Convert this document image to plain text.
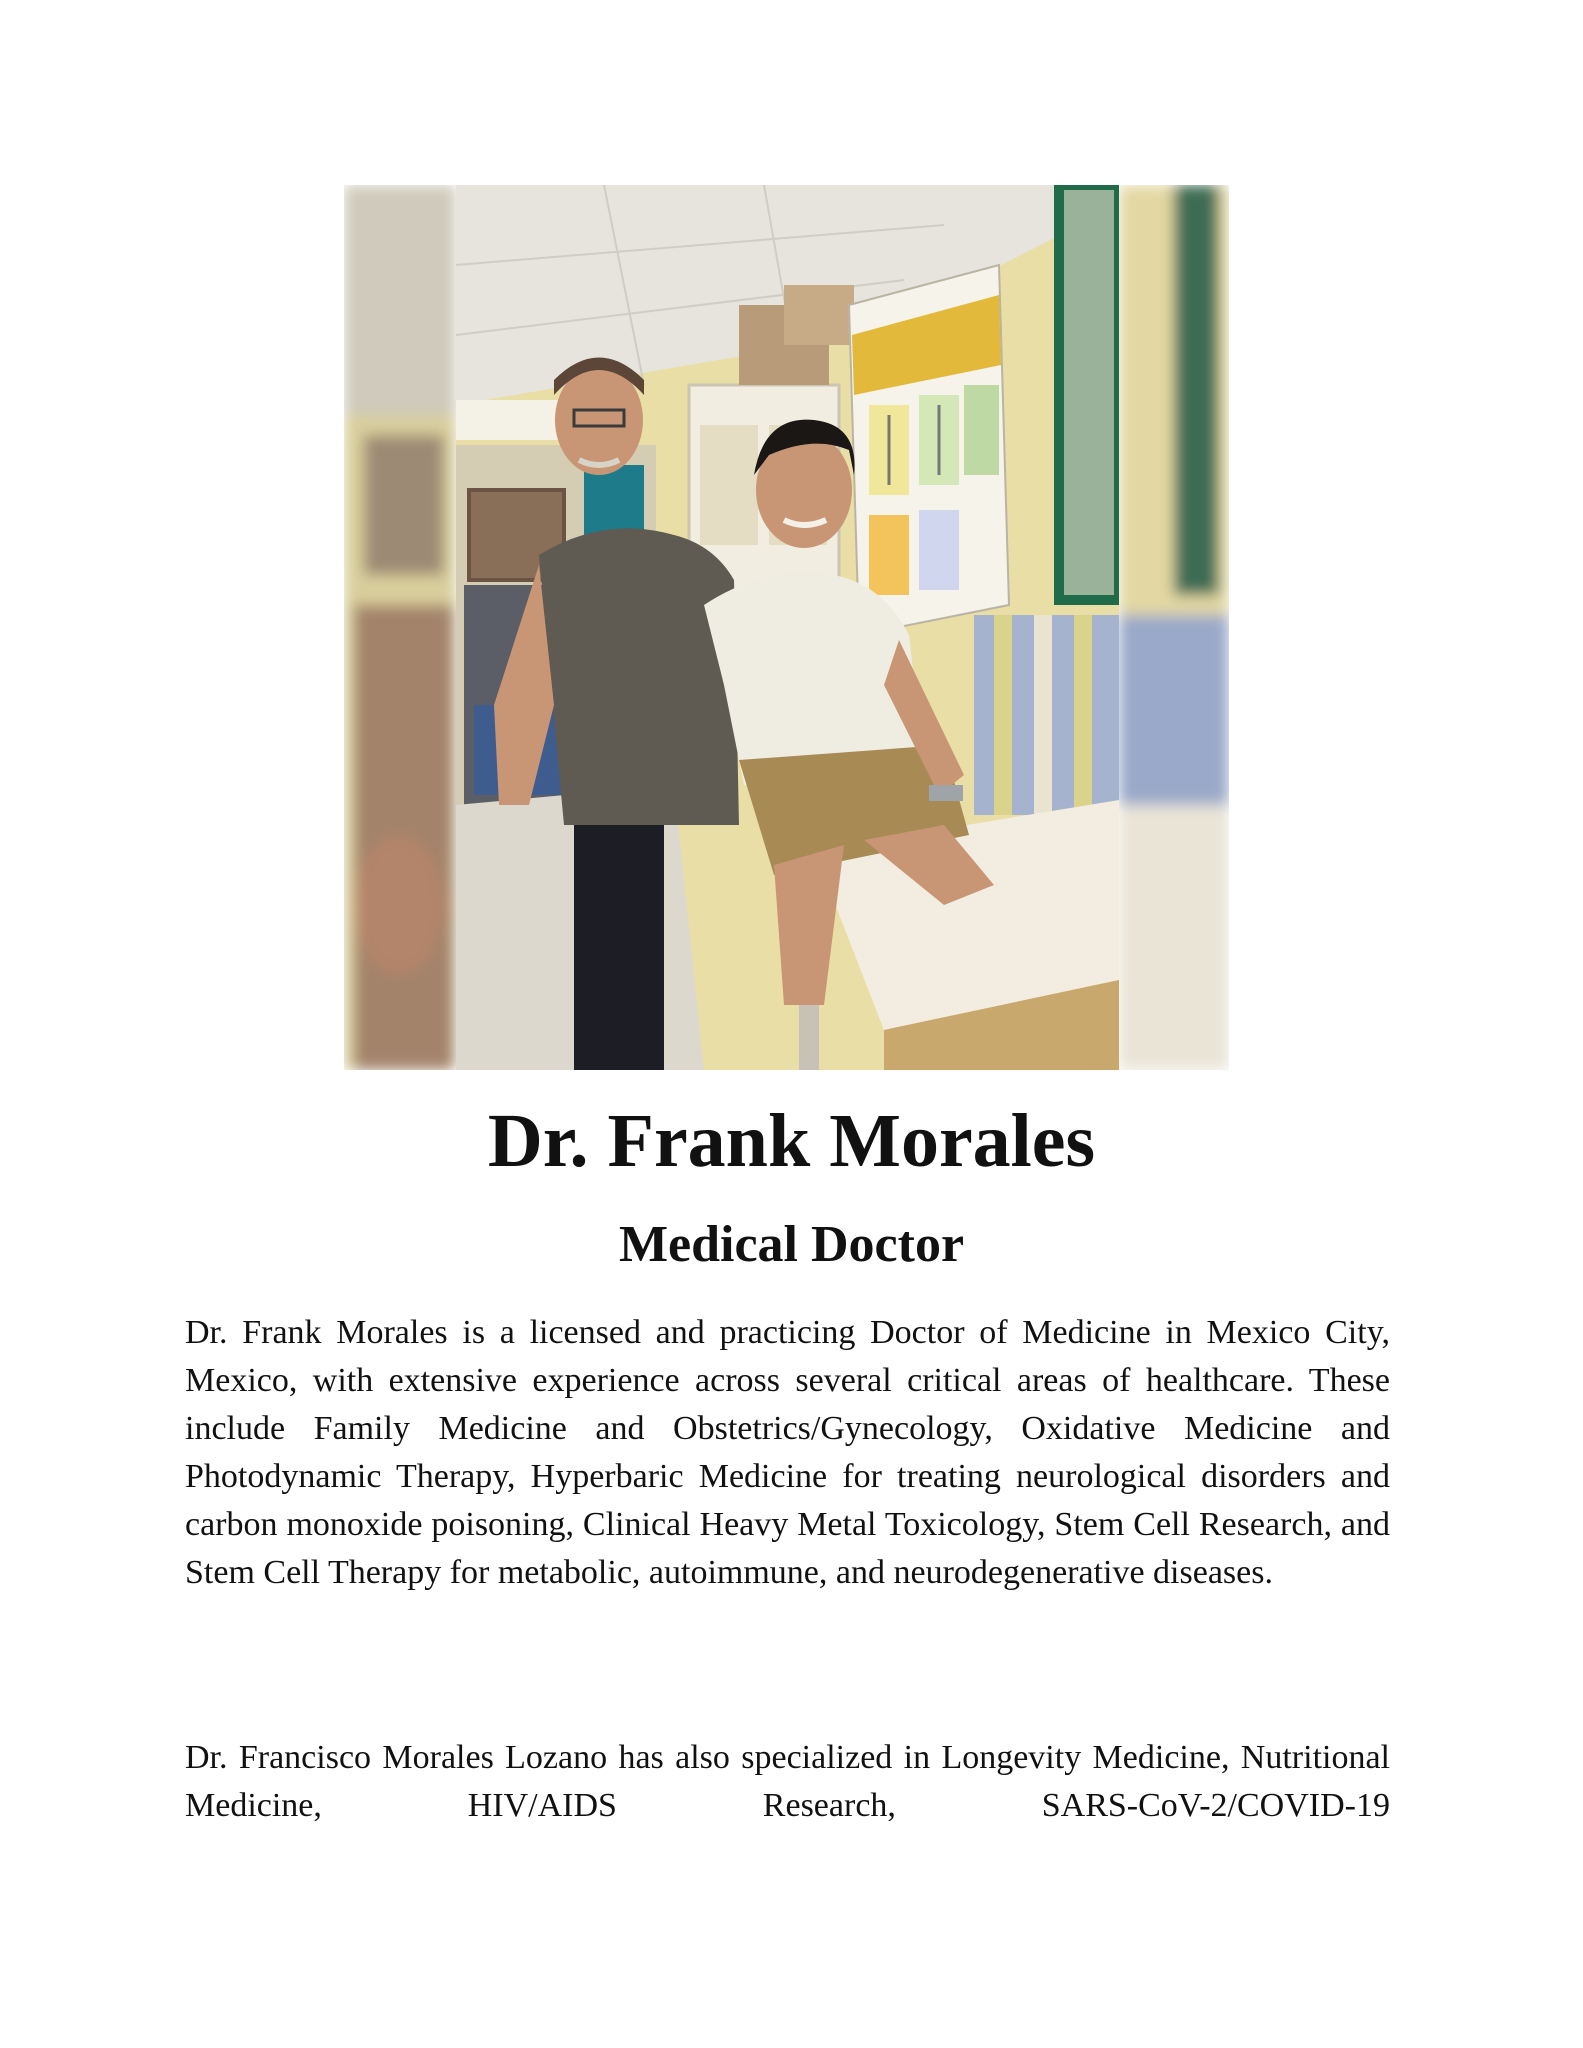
Dr. Frank Morales
Medical Doctor

Dr. Frank Morales is a licensed and practicing Doctor of Medicine in Mexico City, Mexico, with extensive experience across several critical areas of healthcare. These include Family Medicine and Obstetrics/Gynecology, Oxidative Medicine and Photodynamic Therapy, Hyperbaric Medicine for treating neurological disorders and carbon monoxide poisoning, Clinical Heavy Metal Toxicology, Stem Cell Research, and Stem Cell Therapy for metabolic, autoimmune, and neurodegenerative diseases.

Dr. Francisco Morales Lozano has also specialized in Longevity Medicine, Nutritional Medicine, HIV/AIDS Research, SARS-CoV-2/COVID-19
